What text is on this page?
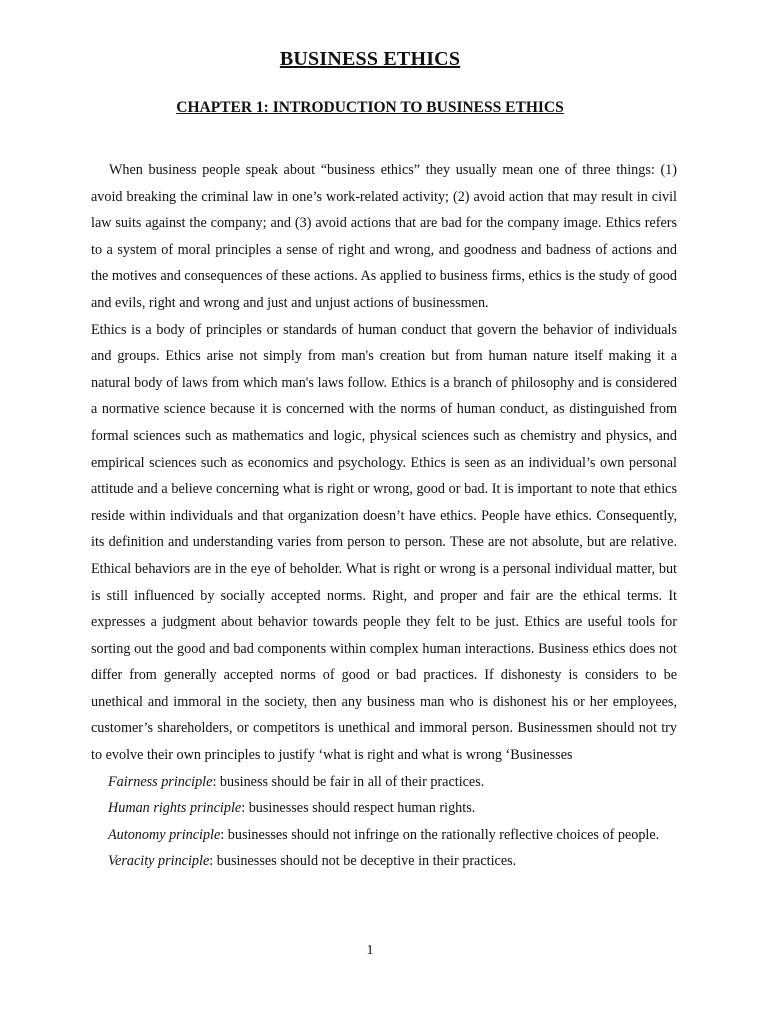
BUSINESS ETHICS
CHAPTER 1: INTRODUCTION TO BUSINESS ETHICS

When business people speak about “business ethics” they usually mean one of three things: (1) avoid breaking the criminal law in one’s work-related activity; (2) avoid action that may result in civil law suits against the company; and (3) avoid actions that are bad for the company image. Ethics refers to a system of moral principles a sense of right and wrong, and goodness and badness of actions and the motives and consequences of these actions. As applied to business firms, ethics is the study of good and evils, right and wrong and just and unjust actions of businessmen.

Ethics is a body of principles or standards of human conduct that govern the behavior of individuals and groups. Ethics arise not simply from man's creation but from human nature itself making it a natural body of laws from which man's laws follow. Ethics is a branch of philosophy and is considered a normative science because it is concerned with the norms of human conduct, as distinguished from formal sciences such as mathematics and logic, physical sciences such as chemistry and physics, and empirical sciences such as economics and psychology. Ethics is seen as an individual’s own personal attitude and a believe concerning what is right or wrong, good or bad. It is important to note that ethics reside within individuals and that organization doesn’t have ethics. People have ethics. Consequently, its definition and understanding varies from person to person. These are not absolute, but are relative. Ethical behaviors are in the eye of beholder. What is right or wrong is a personal individual matter, but is still influenced by socially accepted norms. Right, and proper and fair are the ethical terms. It expresses a judgment about behavior towards people they felt to be just. Ethics are useful tools for sorting out the good and bad components within complex human interactions. Business ethics does not differ from generally accepted norms of good or bad practices. If dishonesty is considers to be unethical and immoral in the society, then any business man who is dishonest his or her employees, customer’s shareholders, or competitors is unethical and immoral person. Businessmen should not try to evolve their own principles to justify ‘what is right and what is wrong ‘Businesses

Fairness principle: business should be fair in all of their practices.
Human rights principle: businesses should respect human rights.
Autonomy principle: businesses should not infringe on the rationally reflective choices of people.
Veracity principle: businesses should not be deceptive in their practices.
1
